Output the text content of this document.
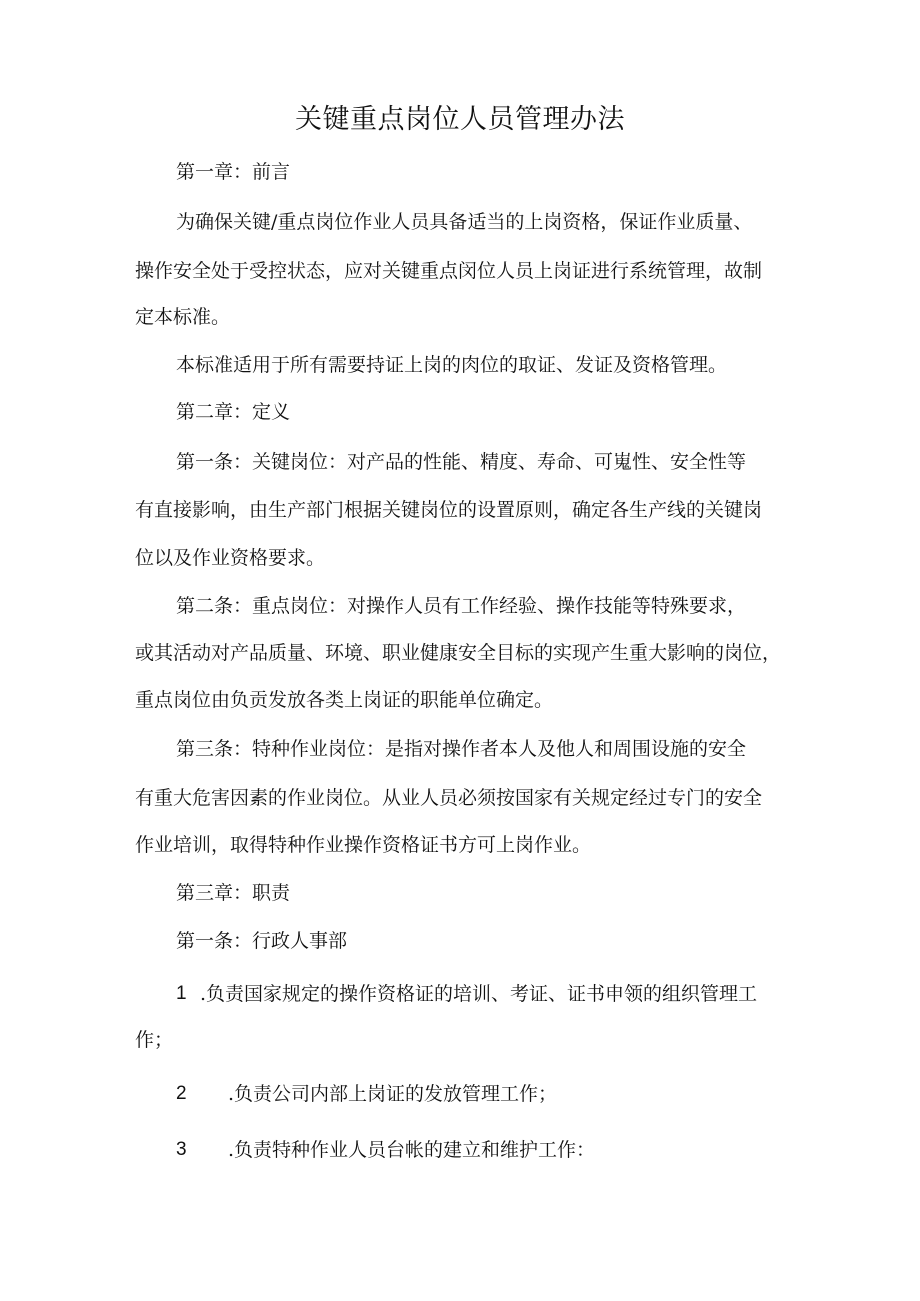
关键重点岗位人员管理办法
第一章：前言
为确保关键/重点岗位作业人员具备适当的上岗资格，保证作业质量、
操作安全处于受控状态，应对关键重点闵位人员上岗证进行系统管理，故制
定本标准。
本标准适用于所有需要持证上岗的肉位的取证、发证及资格管理。
第二章：定义
第一条：关键岗位：对产品的性能、精度、寿命、可嵬性、安全性等
有直接影响，由生产部门根据关键岗位的设置原则，确定各生产线的关键岗
位以及作业资格要求。
第二条：重点岗位：对操作人员有工作经验、操作技能等特殊要求，
或其活动对产品质量、环境、职业健康安全目标的实现产生重大影响的岗位，
重点岗位由负贡发放各类上岗证的职能单位确定。
第三条：特种作业岗位：是指对操作者本人及他人和周围设施的安全
有重大危害因素的作业岗位。从业人员必须按国家有关规定经过专门的安全
作业培训，取得特种作业操作资格证书方可上岗作业。
第三章：职责
第一条：行政人事部
1 .负责国家规定的操作资格证的培训、考证、证书申领的组织管理工
作；
2 .负责公司内部上岗证的发放管理工作；
3 .负责特种作业人员台帐的建立和维护工作：
